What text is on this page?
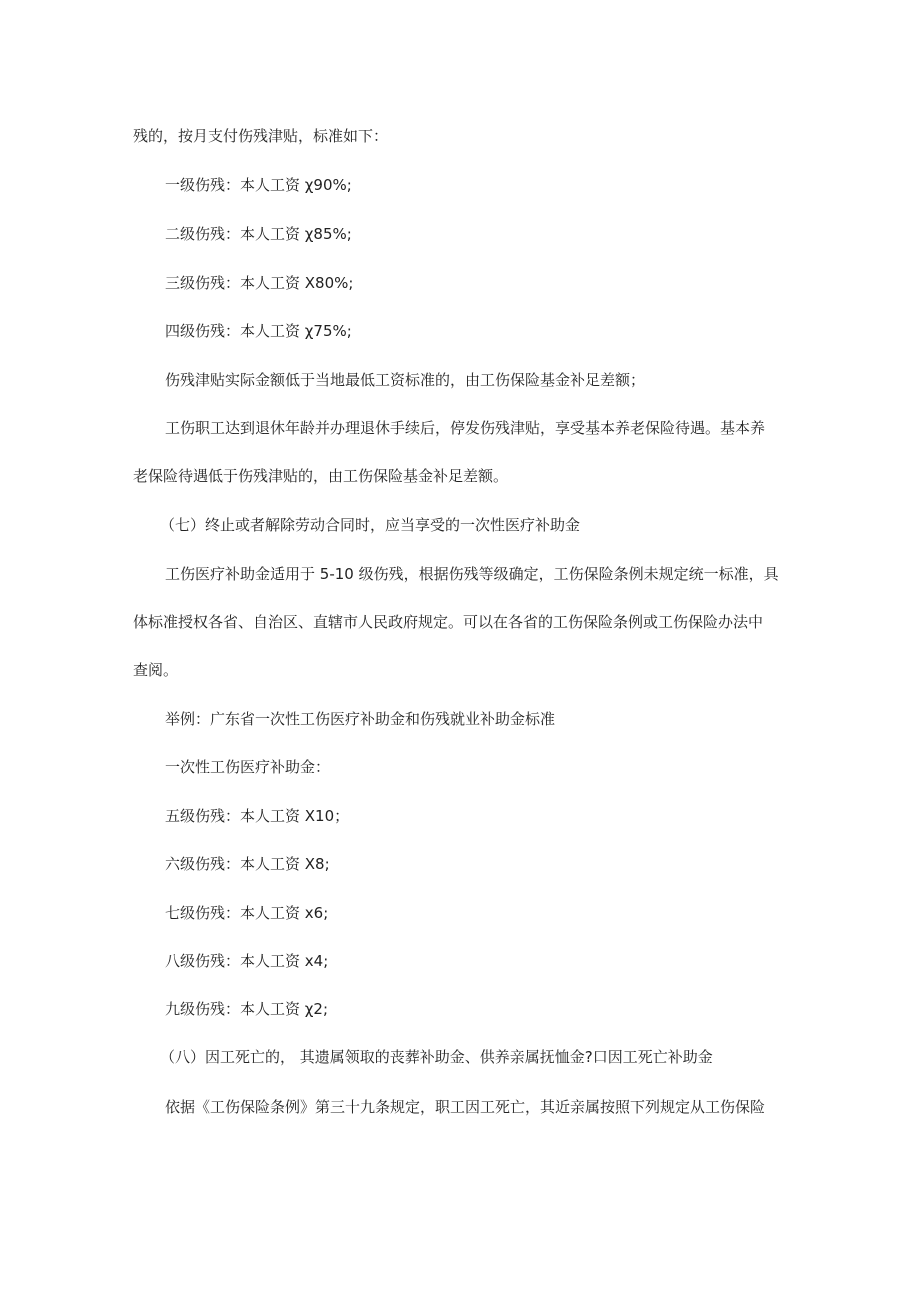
残的，按月支付伤残津贴，标准如下：
一级伤残：本人工资 χ90%;
二级伤残：本人工资 χ85%;
三级伤残：本人工资 X80%;
四级伤残：本人工资 χ75%;
伤残津贴实际金额低于当地最低工资标准的，由工伤保险基金补足差额；
工伤职工达到退休年龄并办理退休手续后，停发伤残津贴，享受基本养老保险待遇。基本养
老保险待遇低于伤残津贴的，由工伤保险基金补足差额。
（七）终止或者解除劳动合同时，应当享受的一次性医疗补助金
工伤医疗补助金适用于 5-10 级伤残，根据伤残等级确定，工伤保险条例未规定统一标准，具
体标准授权各省、自治区、直辖市人民政府规定。可以在各省的工伤保险条例或工伤保险办法中
查阅。
举例：广东省一次性工伤医疗补助金和伤残就业补助金标准
一次性工伤医疗补助金：
五级伤残：本人工资 X10；
六级伤残：本人工资 X8;
七级伤残：本人工资 x6;
八级伤残：本人工资 x4;
九级伤残：本人工资 χ2;
（八）因工死亡的， 其遗属领取的丧葬补助金、供养亲属抚恤金?口因工死亡补助金
依据《工伤保险条例》第三十九条规定，职工因工死亡，其近亲属按照下列规定从工伤保险
